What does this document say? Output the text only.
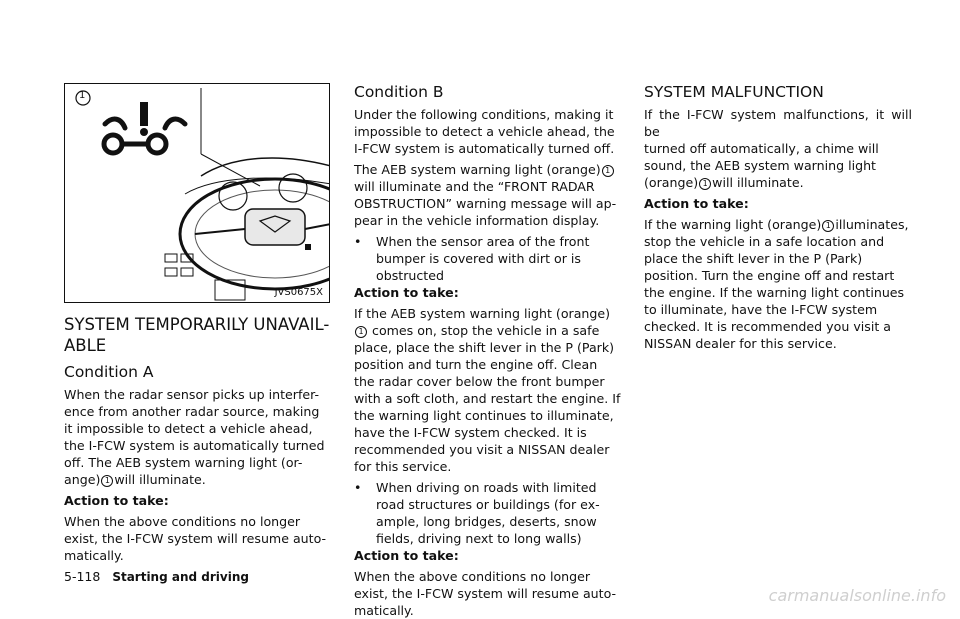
1
JVS0675X
SYSTEM TEMPORARILY UNAVAIL-
ABLE
Condition A

When the radar sensor picks up interfer-

ence from another radar source, making

it impossible to detect a vehicle ahead,

the I-FCW system is automatically turned

off. The AEB system warning light (or-

ange) 1 will illuminate.

Action to take:

When the above conditions no longer

exist, the I-FCW system will resume auto-

matically.

Condition B

Under the following conditions, making it

impossible to detect a vehicle ahead, the

I-FCW system is automatically turned off.

The AEB system warning light (orange) 1

will illuminate and the “FRONT RADAR

OBSTRUCTION” warning message will ap-

pear in the vehicle information display.

•	When the sensor area of the front
bumper is covered with dirt or is
obstructed

Action to take:

If the AEB system warning light (orange)

1 comes on, stop the vehicle in a safe

place, place the shift lever in the P (Park)

position and turn the engine off. Clean

the radar cover below the front bumper

with a soft cloth, and restart the engine. If

the warning light continues to illuminate,

have the I-FCW system checked. It is

recommended you visit a NISSAN dealer

for this service.

•	When driving on roads with limited
road structures or buildings (for ex-
ample, long bridges, deserts, snow
fields, driving next to long walls)

Action to take:

When the above conditions no longer

exist, the I-FCW system will resume auto-

matically.

SYSTEM MALFUNCTION

If the I-FCW system malfunctions, it will be

turned off automatically, a chime will

sound, the AEB system warning light

(orange) 1 will illuminate.

Action to take:

If the warning light (orange) 1 illuminates,

stop the vehicle in a safe location and

place the shift lever in the P (Park)

position. Turn the engine off and restart

the engine. If the warning light continues

to illuminate, have the I-FCW system

checked. It is recommended you visit a

NISSAN dealer for this service.

5-118 Starting and driving
carmanualsonline.info
